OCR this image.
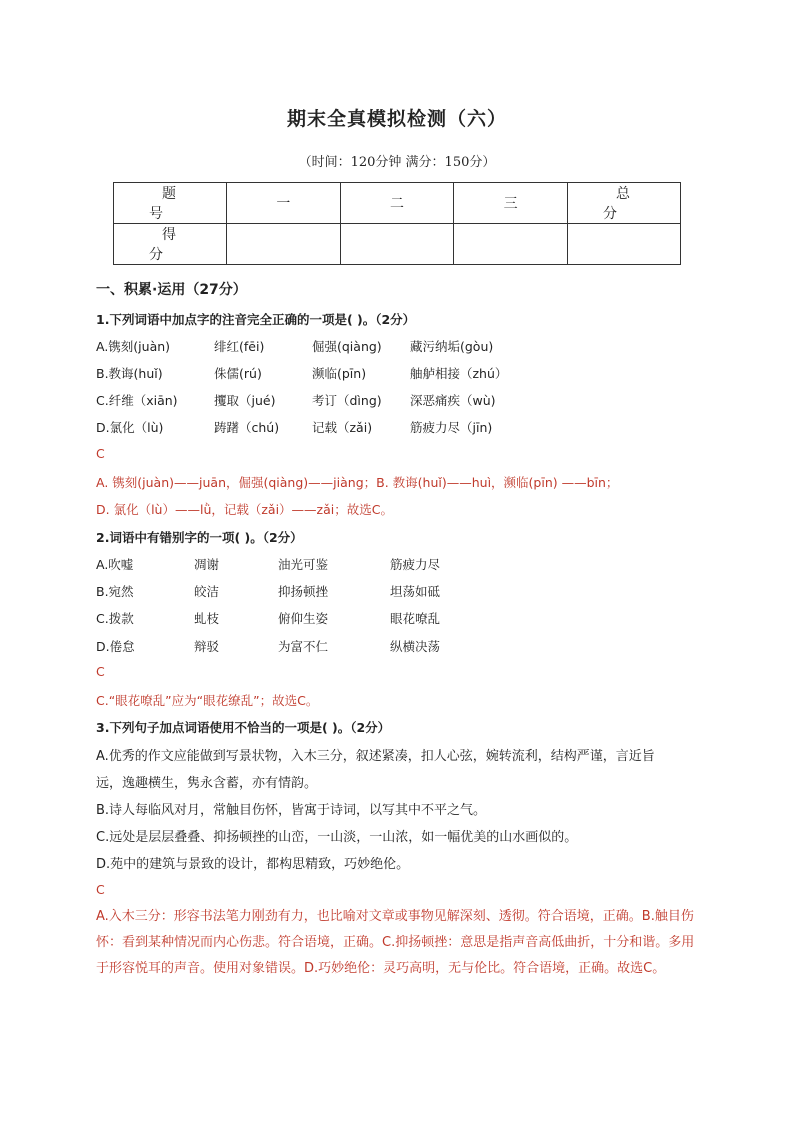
期末全真模拟检测（六）
（时间：120分钟 满分：150分）
题 号	一	二	三	总 分
得 分				
一、积累·运用（27分）
1.下列词语中加点字的注音完全正确的一项是( )。（2分）
A.镌刻(juàn)	绯红(fēi)	倔强(qiàng) 藏污纳垢(gòu)
B.教诲(huǐ)	侏儒(rú)	濒临(pīn)	舳舻相接（zhú）
C.纤维（xiān)	攫取（jué)	考订（dìng) 深恶痛疾（wù)
D.氯化（lù)	踌躇（chú)	记载（zǎi)	筋疲力尽（jīn)
C
A. 镌刻(juàn)——juān，倔强(qiàng)——jiàng；B. 教诲(huǐ)——huì，濒临(pīn) ——bīn；
D. 氯化（lù）——lǜ，记载（zǎi）——zǎi；故选C。
2.词语中有错别字的一项( )。（2分）
A.吹嘘	凋谢	油光可鉴	筋疲力尽
B.宛然	皎洁	抑扬顿挫	坦荡如砥
C.拨款	虬枝	俯仰生姿	眼花嘹乱
D.倦怠	辩驳	为富不仁	纵横决荡
C
C.“眼花嘹乱”应为“眼花缭乱”；故选C。
3.下列句子加点词语使用不恰当的一项是( )。（2分）
A.优秀的作文应能做到写景状物，入木三分，叙述紧凑，扣人心弦，婉转流利，结构严谨，言近旨
远，逸趣横生，隽永含蓄，亦有情韵。
B.诗人每临风对月，常触目伤怀，皆寓于诗词，以写其中不平之气。
C.远处是层层叠叠、抑扬顿挫的山峦，一山淡，一山浓，如一幅优美的山水画似的。
D.苑中的建筑与景致的设计，都构思精致，巧妙绝伦。
C
A.入木三分：形容书法笔力刚劲有力，也比喻对文章或事物见解深刻、透彻。符合语境，正确。B.触目伤怀：看到某种情况而内心伤悲。符合语境，正确。C.抑扬顿挫：意思是指声音高低曲折，十分和谐。多用于形容悦耳的声音。使用对象错误。D.巧妙绝伦：灵巧高明，无与伦比。符合语境，正确。故选C。
